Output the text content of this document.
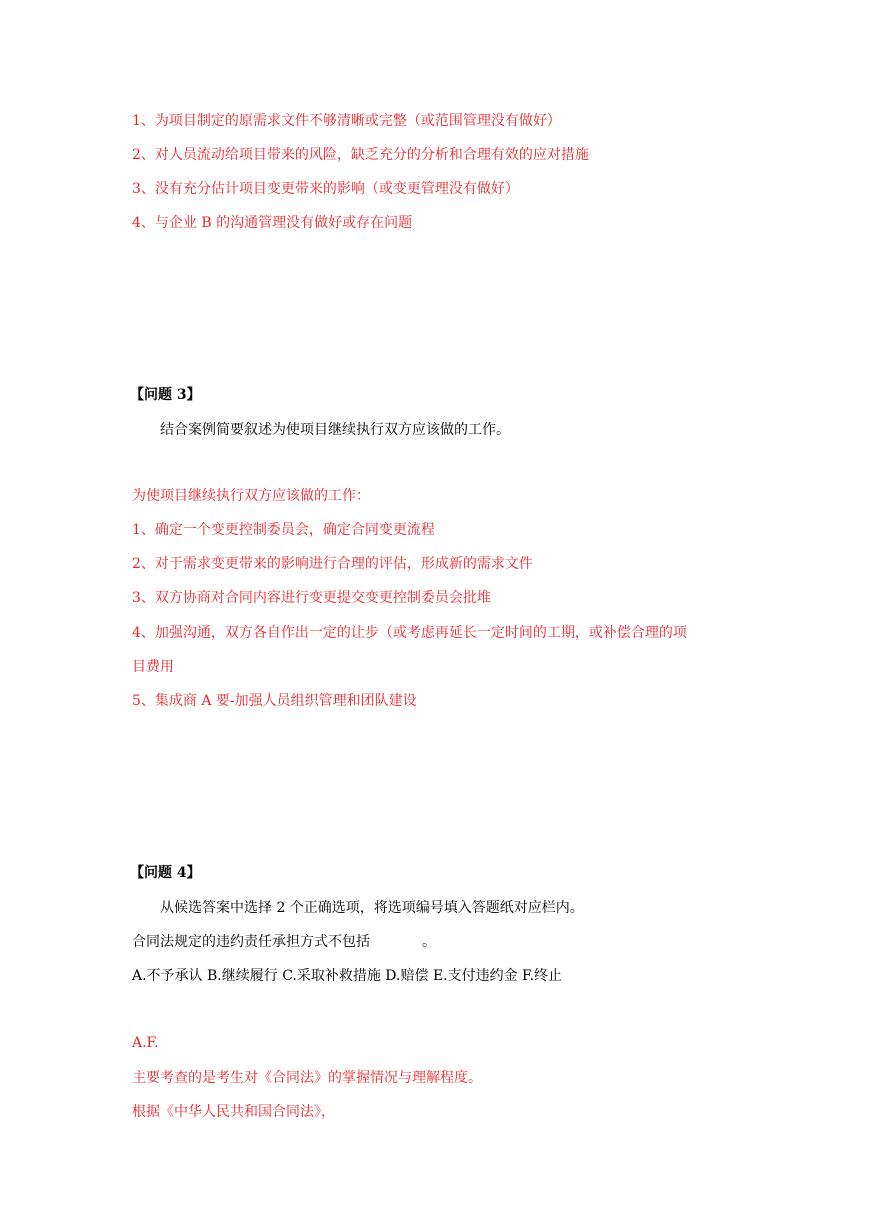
1、为项目制定的原需求文件不够清晰或完整（或范围管理没有做好）
2、对人员流动给项目带来的风险，缺乏充分的分析和合理有效的应对措施
3、没有充分估计项目变更带来的影响（或变更管理没有做好）
4、与企业 B 的沟通管理没有做好或存在问题
【问题 3】
结合案例简要叙述为使项目继续执行双方应该做的工作。
为使项目继续执行双方应该做的工作：
1、确定一个变更控制委员会，确定合同变更流程
2、对于需求变更带来的影响进行合理的评估，形成新的需求文件
3、双方协商对合同内容进行变更提交变更控制委员会批堆
4、加强沟通，双方各自作出一定的让步（或考虑再延长一定时间的工期，或补偿合理的项
目费用
5、集成商 A 要-加强人员组织管理和团队建设
【问题 4】
从候选答案中选择 2 个正确选项，将选项编号填入答题纸对应栏内。
合同法规定的违约责任承担方式不包括	。
A.不予承认 B.继续履行 C.采取补救措施 D.赔偿 E.支付违约金 F.终止
A.F.
主要考查的是考生对《合同法》的掌握情况与理解程度。
根据《中华人民共和国合同法》，
